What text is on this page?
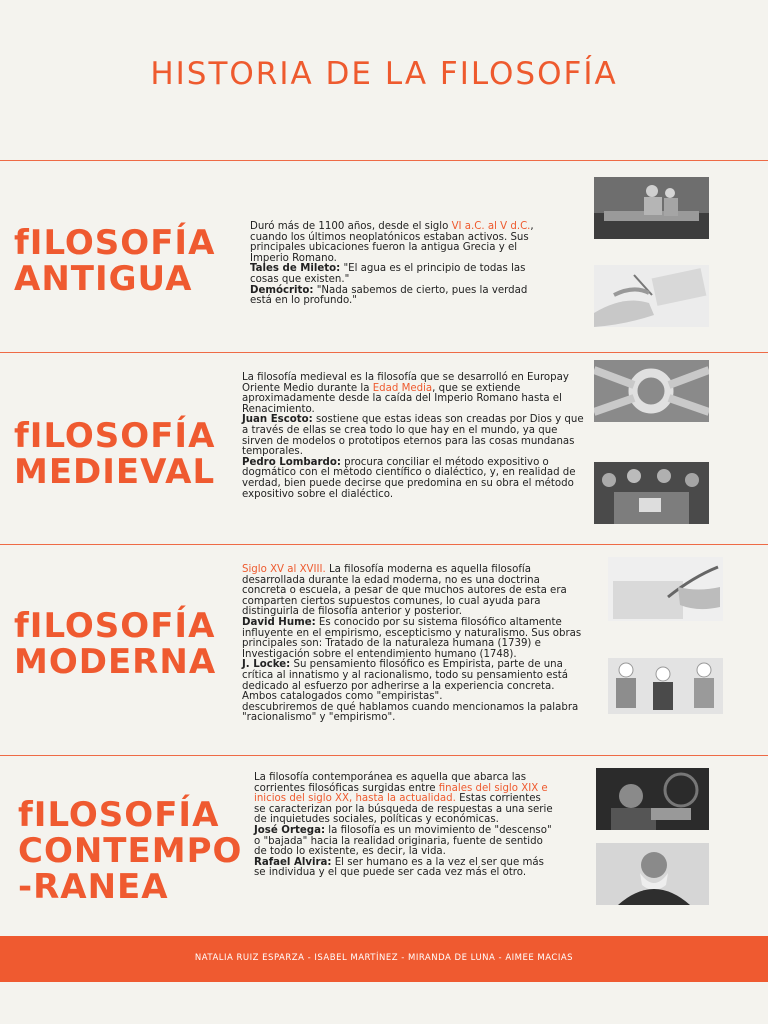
HISTORIA DE LA FILOSOFÍA
fILOSOFÍA
ANTIGUA

Duró más de 1100 años, desde el siglo VI a.C. al V d.C., cuando los últimos neoplatónicos estaban activos. Sus principales ubicaciones fueron la antigua Grecia y el Imperio Romano.

Tales de Mileto: "El agua es el principio de todas las cosas que existen."

Demócrito: "Nada sabemos de cierto, pues la verdad está en lo profundo."

fILOSOFÍA
MEDIEVAL

La filosofía medieval es la filosofía que se desarrolló en Europay Oriente Medio durante la Edad Media, que se extiende aproximadamente desde la caída del Imperio Romano hasta el Renacimiento.

Juan Escoto: sostiene que estas ideas son creadas por Dios y que a través de ellas se crea todo lo que hay en el mundo, ya que sirven de modelos o prototipos eternos para las cosas mundanas temporales.

Pedro Lombardo: procura conciliar el método expositivo o dogmático con el método científico o dialéctico, y, en realidad de verdad, bien puede decirse que predomina en su obra el método expositivo sobre el dialéctico.

fILOSOFÍA
MODERNA

Siglo XV al XVIII. La filosofía moderna es aquella filosofía desarrollada durante la edad moderna, no es una doctrina concreta o escuela, a pesar de que muchos autores de esta era comparten ciertos supuestos comunes, lo cual ayuda para distinguirla de filosofía anterior y posterior.

David Hume: Es conocido por su sistema filosófico altamente influyente en el empirismo, escepticismo y naturalismo. Sus obras principales son: Tratado de la naturaleza humana (1739) e Investigación sobre el entendimiento humano (1748).

J. Locke: Su pensamiento filosófico es Empirista, parte de una crítica al innatismo y al racionalismo, todo su pensamiento está dedicado al esfuerzo por adherirse a la experiencia concreta.

Ambos catalogados como "empiristas".

descubriremos de qué hablamos cuando mencionamos la palabra "racionalismo" y "empirismo".

fILOSOFÍA
CONTEMPO
-RANEA

La filosofía contemporánea es aquella que abarca las corrientes filosóficas surgidas entre finales del siglo XIX e inicios del siglo XX, hasta la actualidad. Estas corrientes se caracterizan por la búsqueda de respuestas a una serie de inquietudes sociales, políticas y económicas.

José Ortega: la filosofía es un movimiento de "descenso" o "bajada" hacia la realidad originaria, fuente de sentido de todo lo existente, es decir, la vida.

Rafael Alvira: El ser humano es a la vez el ser que más se individua y el que puede ser cada vez más el otro.

NATALIA RUIZ ESPARZA - ISABEL MARTÍNEZ - MIRANDA DE LUNA - AIMEE MACIAS
